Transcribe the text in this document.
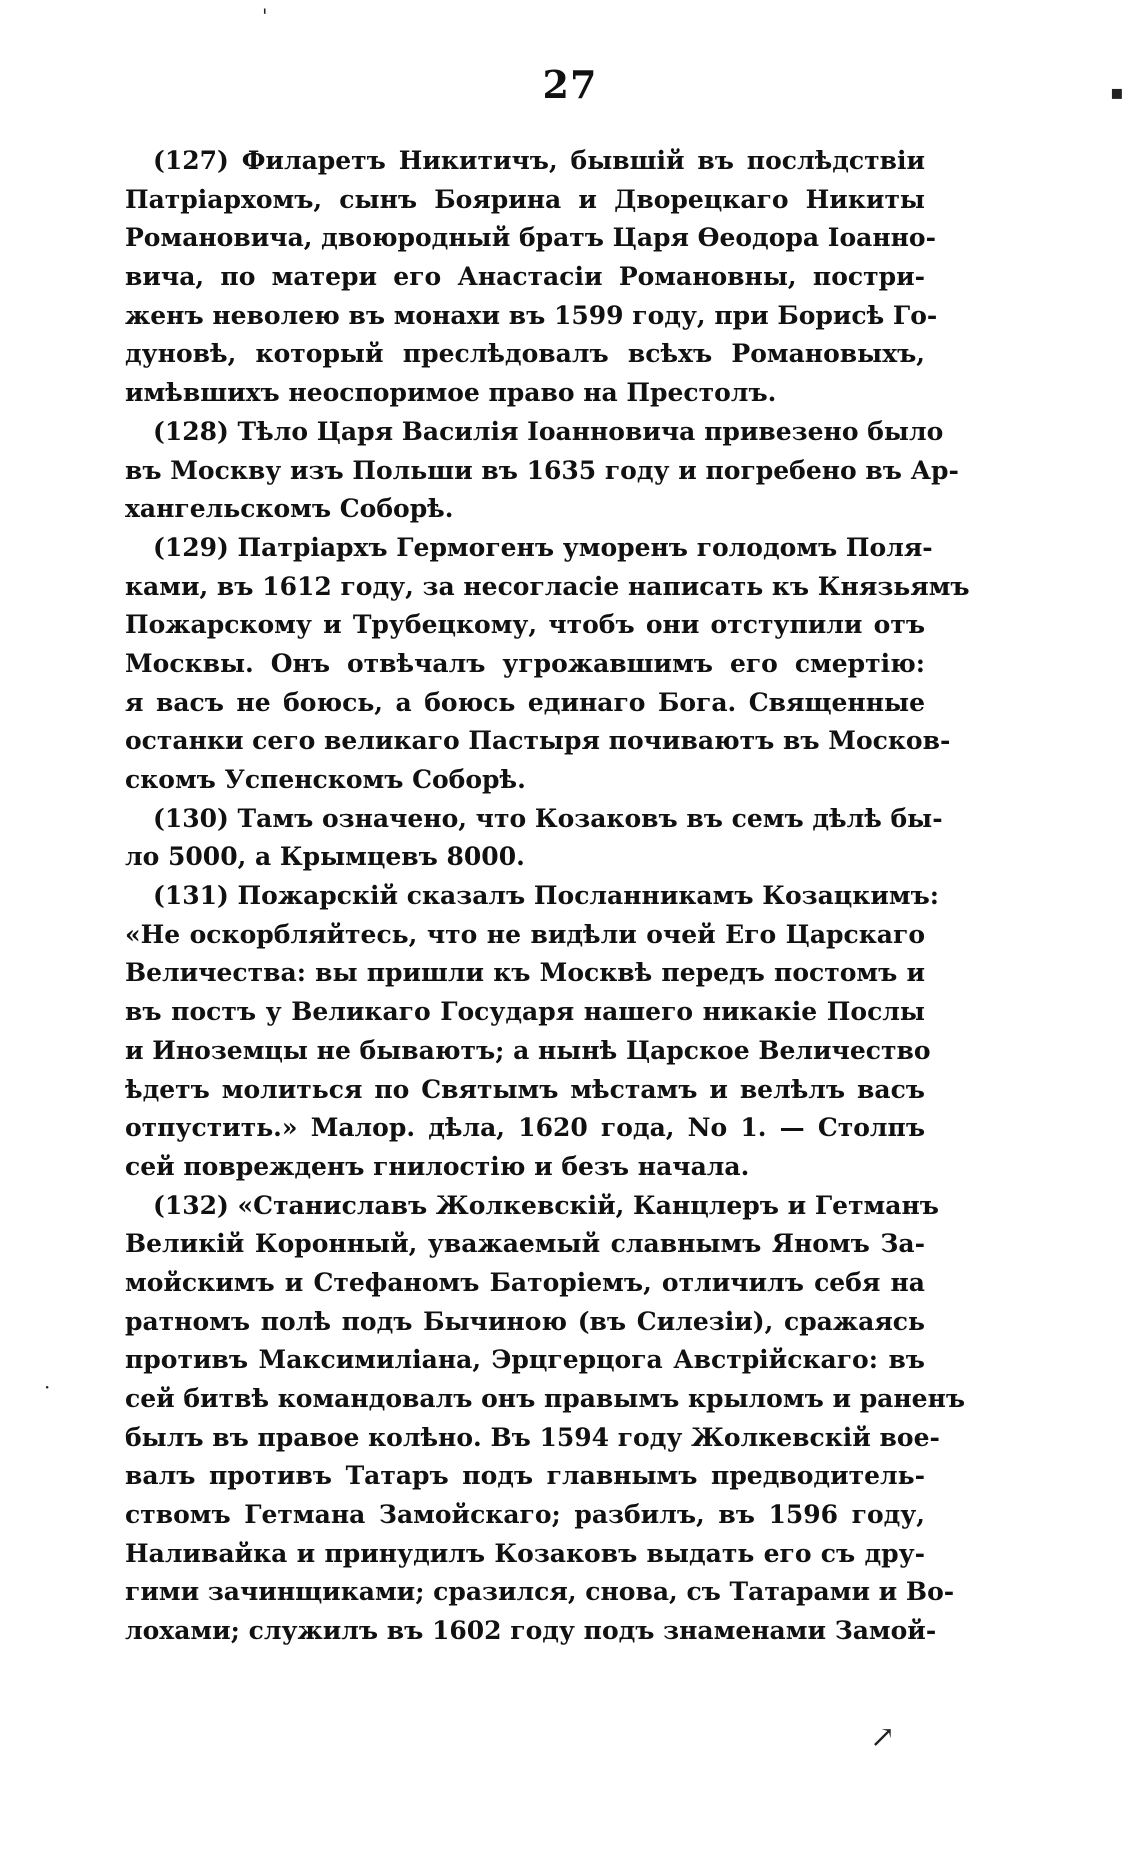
27
(127) Филаретъ Никитичъ, бывшій въ послѣдствіи
Патріархомъ, сынъ Боярина и Дворецкаго Никиты
Романовича, двоюродный братъ Царя Ѳеодора Іоанно-
вича, по матери его Анастасіи Романовны, постри-
женъ неволею въ монахи въ 1599 году, при Борисѣ Го-
дуновѣ, который преслѣдовалъ всѣхъ Романовыхъ,
имѣвшихъ неоспоримое право на Престолъ.
(128) Тѣло Царя Василія Іоанновича привезено было
въ Москву изъ Польши въ 1635 году и погребено въ Ар-
хангельскомъ Соборѣ.
(129) Патріархъ Гермогенъ уморенъ голодомъ Поля-
ками, въ 1612 году, за несогласіе написать къ Князьямъ
Пожарскому и Трубецкому, чтобъ они отступили отъ
Москвы. Онъ отвѣчалъ угрожавшимъ его смертію:
я васъ не боюсь, а боюсь единаго Бога. Священные
останки сего великаго Пастыря почиваютъ въ Москов-
скомъ Успенскомъ Соборѣ.
(130) Тамъ означено, что Козаковъ въ семъ дѣлѣ бы-
ло 5000, а Крымцевъ 8000.
(131) Пожарскій сказалъ Посланникамъ Козацкимъ:
«Не оскорбляйтесь, что не видѣли очей Его Царскаго
Величества: вы пришли къ Москвѣ передъ постомъ и
въ постъ у Великаго Государя нашего никакіе Послы
и Иноземцы не бываютъ; а нынѣ Царское Величество
ѣдетъ молиться по Святымъ мѣстамъ и велѣлъ васъ
отпустить.» Малор. дѣла, 1620 года, No 1. — Столпъ
сей поврежденъ гнилостію и безъ начала.
(132) «Станиславъ Жолкевскій, Канцлеръ и Гетманъ
Великій Коронный, уважаемый славнымъ Яномъ За-
мойскимъ и Стефаномъ Баторіемъ, отличилъ себя на
ратномъ полѣ подъ Бычиною (въ Силезіи), сражаясь
противъ Максимиліана, Эрцгерцога Австрійскаго: въ
сей битвѣ командовалъ онъ правымъ крыломъ и раненъ
былъ въ правое колѣно. Въ 1594 году Жолкевскій вое-
валъ противъ Татаръ подъ главнымъ предводитель-
ствомъ Гетмана Замойскаго; разбилъ, въ 1596 году,
Наливайка и принудилъ Козаковъ выдать его съ дру-
гими зачинщиками; сразился, снова, съ Татарами и Во-
лохами; служилъ въ 1602 году подъ знаменами Замой-
'
▪
·
↗
